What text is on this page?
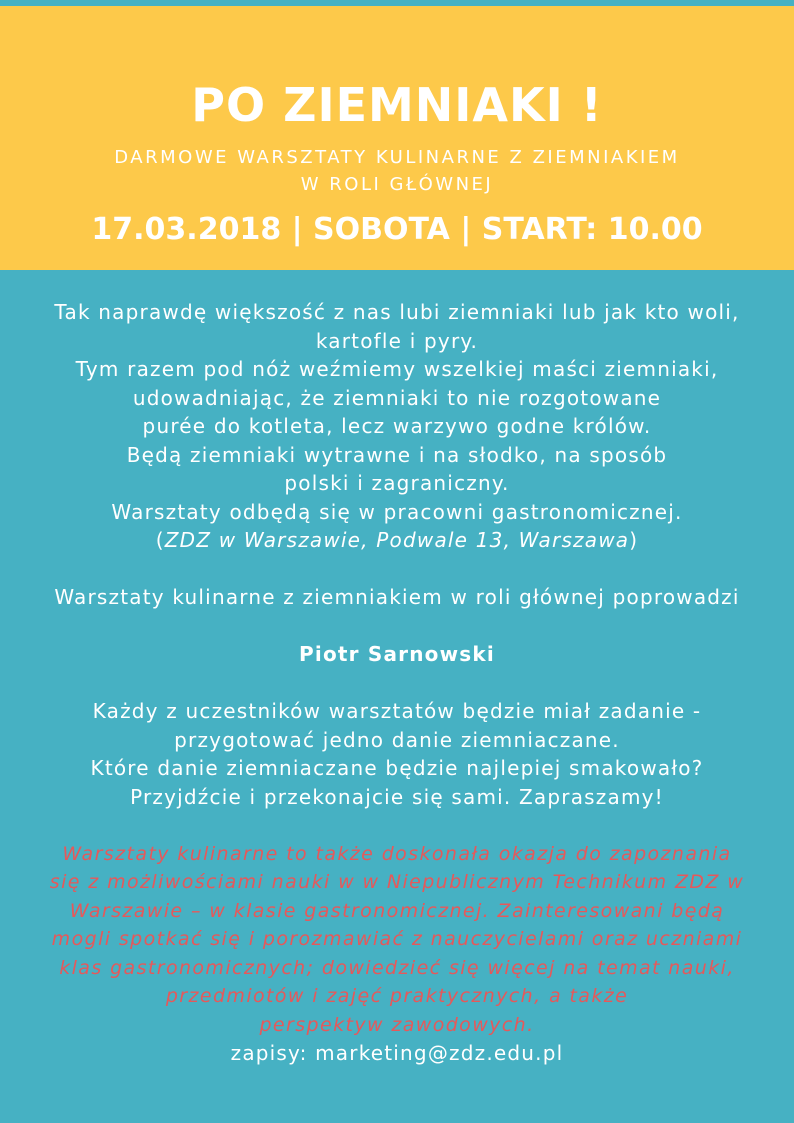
PO ZIEMNIAKI !
DARMOWE WARSZTATY KULINARNE Z ZIEMNIAKIEM
W ROLI GŁÓWNEJ
17.03.2018 | SOBOTA | START: 10.00

Tak naprawdę większość z nas lubi ziemniaki lub jak kto woli,

kartofle i pyry.

Tym razem pod nóż weźmiemy wszelkiej maści ziemniaki,

udowadniając, że ziemniaki to nie rozgotowane

purée do kotleta, lecz warzywo godne królów.

Będą ziemniaki wytrawne i na słodko, na sposób

polski i zagraniczny.

Warsztaty odbędą się w pracowni gastronomicznej.

(ZDZ w Warszawie, Podwale 13, Warszawa)

Warsztaty kulinarne z ziemniakiem w roli głównej poprowadzi

Piotr Sarnowski

Każdy z uczestników warsztatów będzie miał zadanie -

przygotować jedno danie ziemniaczane.

Które danie ziemniaczane będzie najlepiej smakowało?

Przyjdźcie i przekonajcie się sami. Zapraszamy!

Warsztaty kulinarne to także doskonała okazja do zapoznania

się z możliwościami nauki w w Niepublicznym Technikum ZDZ w

Warszawie – w klasie gastronomicznej. Zainteresowani będą

mogli spotkać się i porozmawiać z nauczycielami oraz uczniami

klas gastronomicznych; dowiedzieć się więcej na temat nauki,

przedmiotów i zajęć praktycznych, a także

perspektyw zawodowych.

zapisy: marketing@zdz.edu.pl
